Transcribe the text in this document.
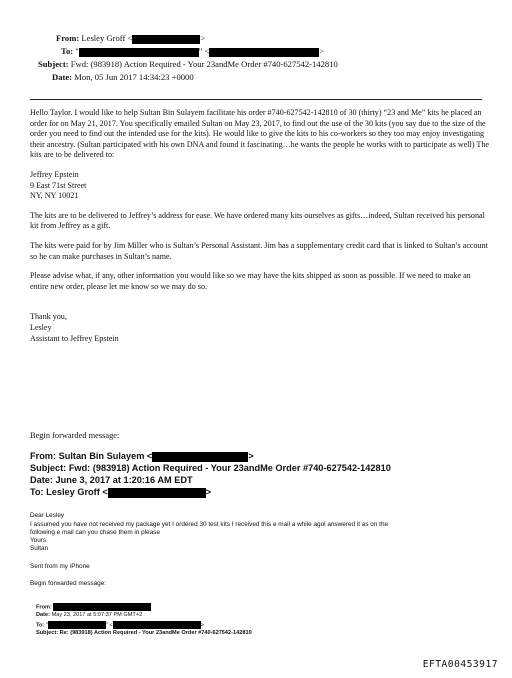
From: Lesley Groff <	>
To: "	" <	>
Subject: Fwd: (983918) Action Required - Your 23andMe Order #740-627542-142810
Date: Mon, 05 Jun 2017 14:34:23 +0000

Hello Taylor. I would like to help Sultan Bin Sulayem facilitate his order #740-627542-142810 of 30 (thirty) “23 and Me” kits he placed an order for on May 21, 2017. You specifically emailed Sultan on May 23, 2017, to find out the use of the 30 kits (you say due to the size of the order you need to find out the intended use for the kits). He would like to give the kits to his co-workers so they too may enjoy investigating their ancestry. (Sultan participated with his own DNA and found it fascinating…he wants the people he works with to participate as well) The kits are to be delivered to:

Jeffrey Epstein
9 East 71st Street
NY, NY 10021

The kits are to be delivered to Jeffrey’s address for ease. We have ordered many kits ourselves as gifts…indeed, Sultan received his personal kit from Jeffrey as a gift.

The kits were paid for by Jim Miller who is Sultan’s Personal Assistant. Jim has a supplementary credit card that is linked to Sultan’s account so he can make purchases in Sultan’s name.

Please advise what, if any, other information you would like so we may have the kits shipped as soon as possible. If we need to make an entire new order, please let me know so we may do so.

Thank you,
Lesley
Assistant to Jeffrey Epstein
Begin forwarded message:
From: Sultan Bin Sulayem <	>
Subject: Fwd: (983918) Action Required - Your 23andMe Order #740-627542-142810
Date: June 3, 2017 at 1:20:16 AM EDT
To: Lesley Groff <	>
Dear Lesley
I assumed you have not received my package yet I ordered 30 test kits I received this e mail a while agol answered it as on the
following e mail can you chase them in please
Yours
Sultan
Sent from my iPhone
Begin forwarded message:
From:
Date: May 23, 2017 at 5:07:37 PM GMT+2
To: "	" <	>
Subject: Re: (983918) Action Required - Your 23andMe Order #740-627542-142810
EFTA00453917
